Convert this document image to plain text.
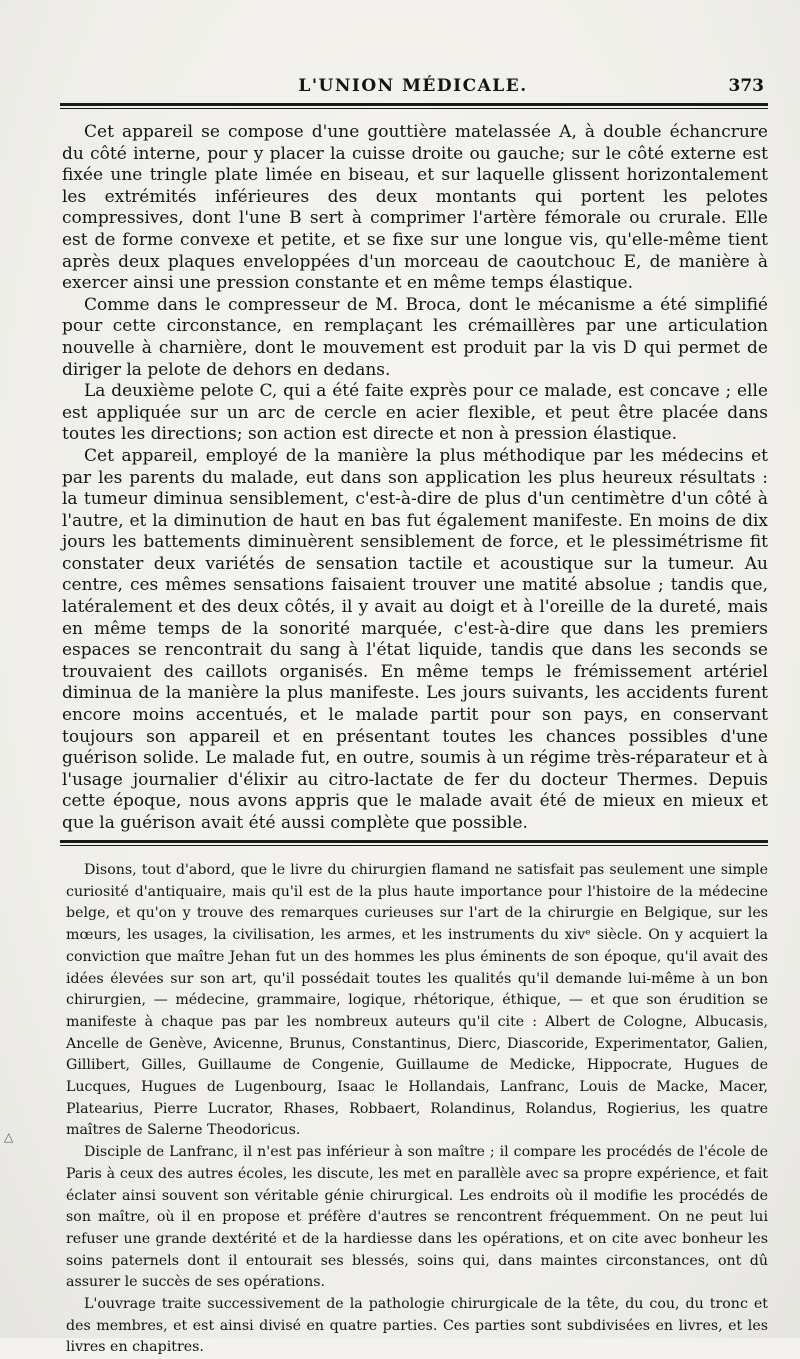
L'UNION MÉDICALE.	373

Cet appareil se compose d'une gouttière matelassée A, à double échancrure du côté interne, pour y placer la cuisse droite ou gauche; sur le côté externe est fixée une tringle plate limée en biseau, et sur laquelle glissent horizontalement les extrémités inférieures des deux montants qui portent les pelotes compressives, dont l'une B sert à comprimer l'artère fémorale ou crurale. Elle est de forme convexe et petite, et se fixe sur une longue vis, qu'elle-même tient après deux plaques enveloppées d'un morceau de caoutchouc E, de manière à exercer ainsi une pression constante et en même temps élastique.

Comme dans le compresseur de M. Broca, dont le mécanisme a été simplifié pour cette circonstance, en remplaçant les crémaillères par une articulation nouvelle à charnière, dont le mouvement est produit par la vis D qui permet de diriger la pelote de dehors en dedans.

La deuxième pelote C, qui a été faite exprès pour ce malade, est concave ; elle est appliquée sur un arc de cercle en acier flexible, et peut être placée dans toutes les directions; son action est directe et non à pression élastique.

Cet appareil, employé de la manière la plus méthodique par les médecins et par les parents du malade, eut dans son application les plus heureux résultats : la tumeur diminua sensiblement, c'est-à-dire de plus d'un centimètre d'un côté à l'autre, et la diminution de haut en bas fut également manifeste. En moins de dix jours les battements diminuèrent sensiblement de force, et le plessimétrisme fit constater deux variétés de sensation tactile et acoustique sur la tumeur. Au centre, ces mêmes sensations faisaient trouver une matité absolue ; tandis que, latéralement et des deux côtés, il y avait au doigt et à l'oreille de la dureté, mais en même temps de la sonorité marquée, c'est-à-dire que dans les premiers espaces se rencontrait du sang à l'état liquide, tandis que dans les seconds se trouvaient des caillots organisés. En même temps le frémissement artériel diminua de la manière la plus manifeste. Les jours suivants, les accidents furent encore moins accentués, et le malade partit pour son pays, en conservant toujours son appareil et en présentant toutes les chances possibles d'une guérison solide. Le malade fut, en outre, soumis à un régime très-réparateur et à l'usage journalier d'élixir au citro-lactate de fer du docteur Thermes. Depuis cette époque, nous avons appris que le malade avait été de mieux en mieux et que la guérison avait été aussi complète que possible.

Disons, tout d'abord, que le livre du chirurgien flamand ne satisfait pas seulement une simple curiosité d'antiquaire, mais qu'il est de la plus haute importance pour l'histoire de la médecine belge, et qu'on y trouve des remarques curieuses sur l'art de la chirurgie en Belgique, sur les mœurs, les usages, la civilisation, les armes, et les instruments du xivᵉ siècle. On y acquiert la conviction que maître Jehan fut un des hommes les plus éminents de son époque, qu'il avait des idées élevées sur son art, qu'il possédait toutes les qualités qu'il demande lui-même à un bon chirurgien, — médecine, grammaire, logique, rhétorique, éthique, — et que son érudition se manifeste à chaque pas par les nombreux auteurs qu'il cite : Albert de Cologne, Albucasis, Ancelle de Genève, Avicenne, Brunus, Constantinus, Dierc, Diascoride, Experimentator, Galien, Gillibert, Gilles, Guillaume de Congenie, Guillaume de Medicke, Hippocrate, Hugues de Lucques, Hugues de Lugenbourg, Isaac le Hollandais, Lanfranc, Louis de Macke, Macer, Platearius, Pierre Lucrator, Rhases, Robbaert, Rolandinus, Rolandus, Rogierius, les quatre maîtres de Salerne Theodoricus.

Disciple de Lanfranc, il n'est pas inférieur à son maître ; il compare les procédés de l'école de Paris à ceux des autres écoles, les discute, les met en parallèle avec sa propre expérience, et fait éclater ainsi souvent son véritable génie chirurgical. Les endroits où il modifie les procédés de son maître, où il en propose et préfère d'autres se rencontrent fréquemment. On ne peut lui refuser une grande dextérité et de la hardiesse dans les opérations, et on cite avec bonheur les soins paternels dont il entourait ses blessés, soins qui, dans maintes circonstances, ont dû assurer le succès de ses opérations.

L'ouvrage traite successivement de la pathologie chirurgicale de la tête, du cou, du tronc et des membres, et est ainsi divisé en quatre parties. Ces parties sont subdivisées en livres, et les livres en chapitres.

△
